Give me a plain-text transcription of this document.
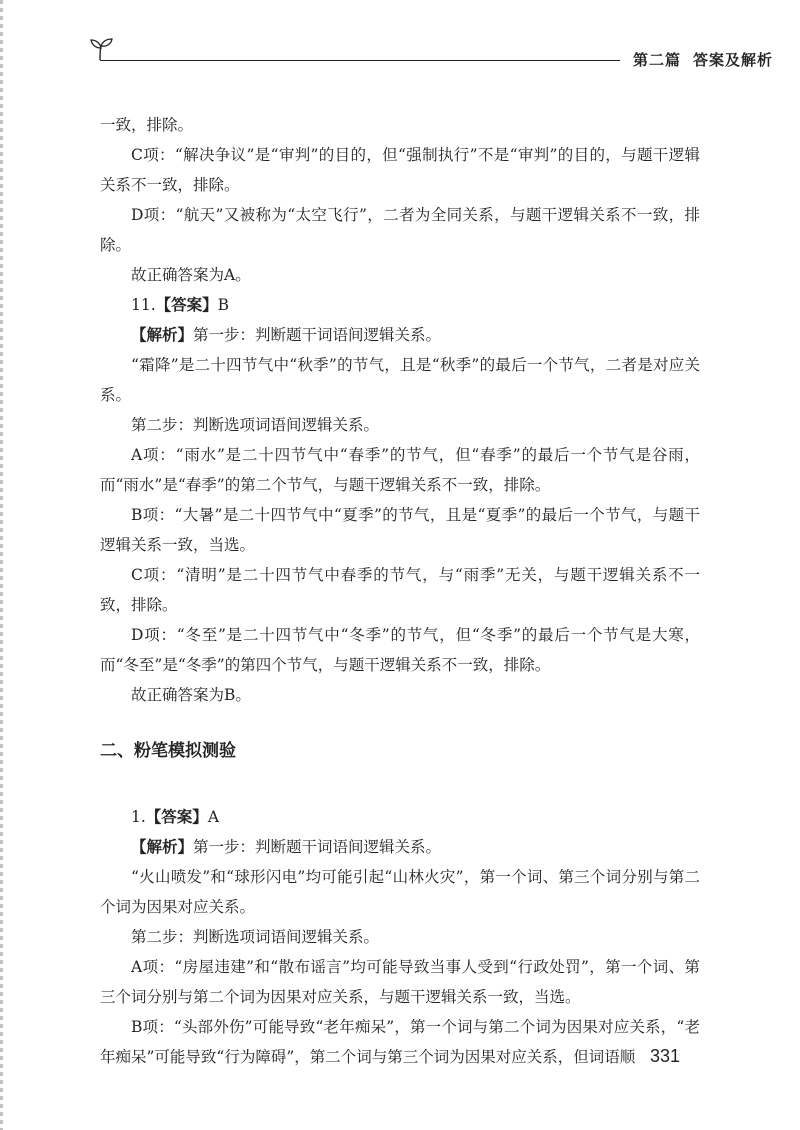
第二篇 答案及解析

一致，排除。

C项：“解决争议”是“审判”的目的，但“强制执行”不是“审判”的目的，与题干逻辑关系不一致，排除。

D项：“航天”又被称为“太空飞行”，二者为全同关系，与题干逻辑关系不一致，排除。

故正确答案为A。

11.【答案】B

【解析】第一步：判断题干词语间逻辑关系。

“霜降”是二十四节气中“秋季”的节气，且是“秋季”的最后一个节气，二者是对应关系。

第二步：判断选项词语间逻辑关系。

A项：“雨水”是二十四节气中“春季”的节气，但“春季”的最后一个节气是谷雨，而“雨水”是“春季”的第二个节气，与题干逻辑关系不一致，排除。

B项：“大暑”是二十四节气中“夏季”的节气，且是“夏季”的最后一个节气，与题干逻辑关系一致，当选。

C项：“清明”是二十四节气中春季的节气，与“雨季”无关，与题干逻辑关系不一致，排除。

D项：“冬至”是二十四节气中“冬季”的节气，但“冬季”的最后一个节气是大寒，而“冬至”是“冬季”的第四个节气，与题干逻辑关系不一致，排除。

故正确答案为B。

二、粉笔模拟测验

1.【答案】A

【解析】第一步：判断题干词语间逻辑关系。

“火山喷发”和“球形闪电”均可能引起“山林火灾”，第一个词、第三个词分别与第二个词为因果对应关系。

第二步：判断选项词语间逻辑关系。

A项：“房屋违建”和“散布谣言”均可能导致当事人受到“行政处罚”，第一个词、第三个词分别与第二个词为因果对应关系，与题干逻辑关系一致，当选。

B项：“头部外伤”可能导致“老年痴呆”，第一个词与第二个词为因果对应关系，“老年痴呆”可能导致“行为障碍”，第二个词与第三个词为因果对应关系，但词语顺 331
